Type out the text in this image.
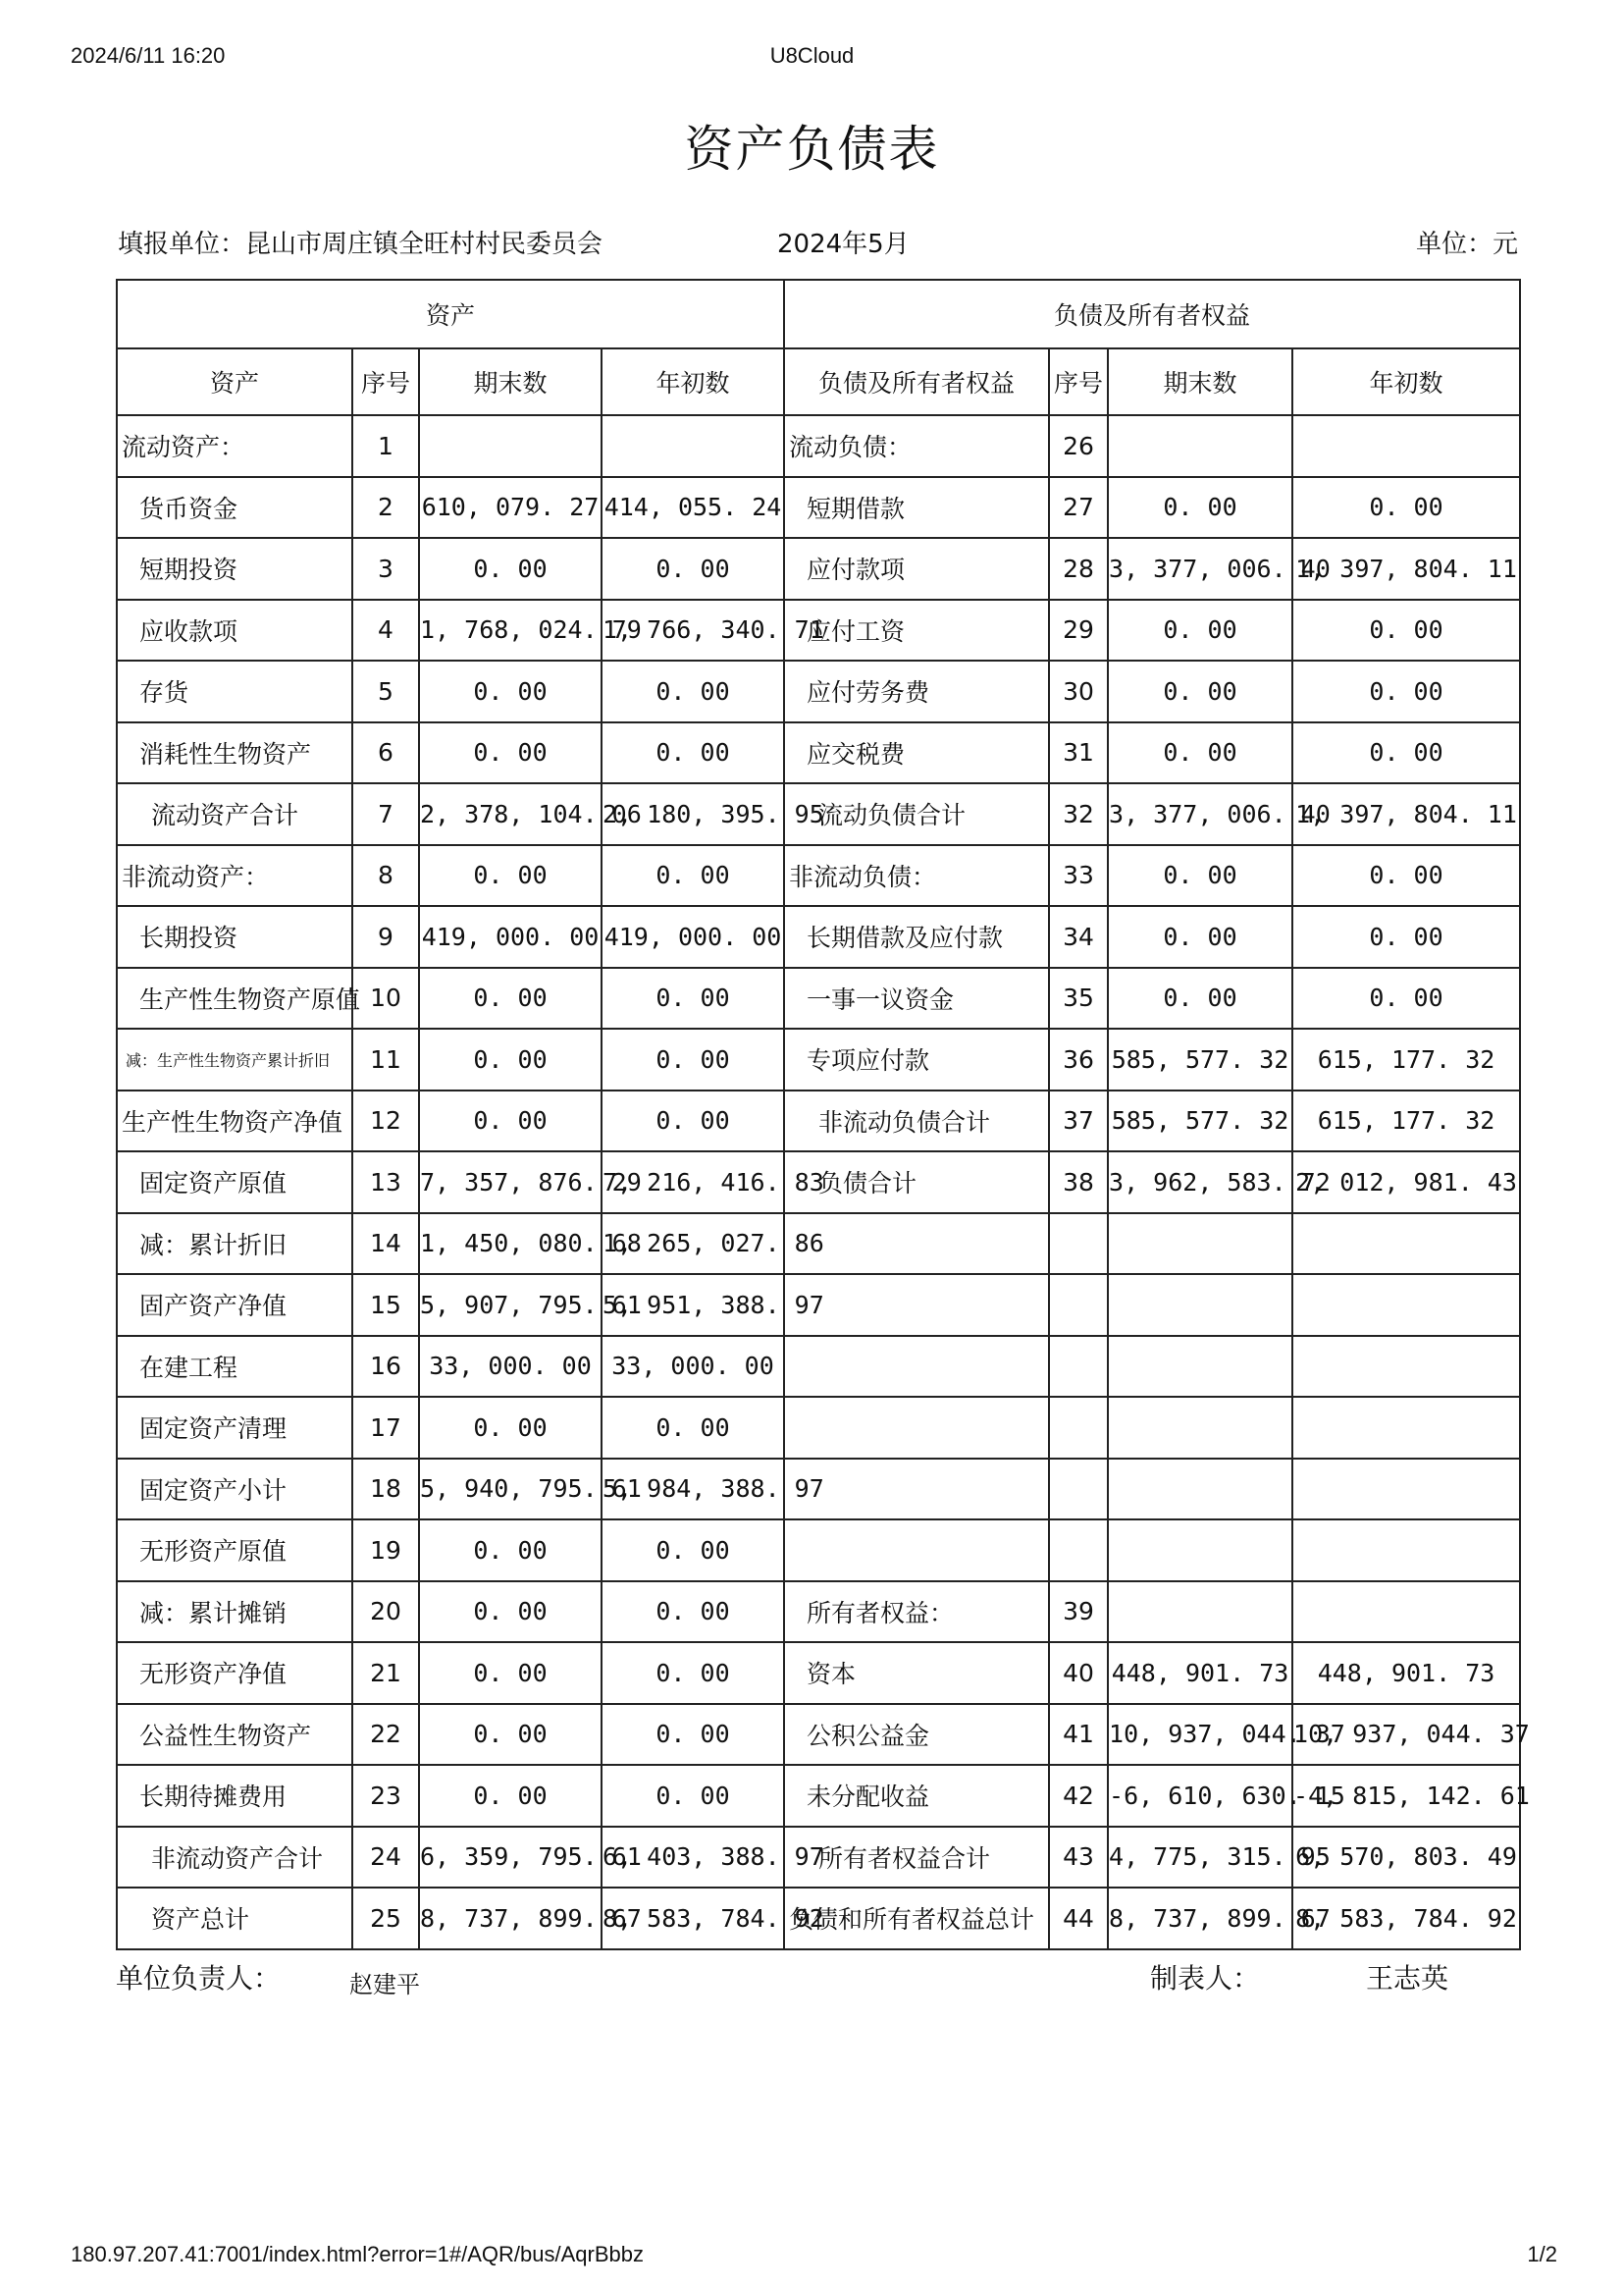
2024/6/11 16:20	U8Cloud
资产负债表
填报单位：昆山市周庄镇全旺村村民委员会	2024年5月	单位：元
资产				负债及所有者权益			
资产	序号	期末数	年初数	负债及所有者权益	序号	期末数	年初数
流动资产：	1			流动负债：	26		
货币资金	2	610, 079. 27	414, 055. 24	短期借款	27	0. 00	0. 00
短期投资	3	0. 00	0. 00	应付款项	28	3, 377, 006. 40	1, 397, 804. 11
应收款项	4	1, 768, 024. 79	1, 766, 340. 71	应付工资	29	0. 00	0. 00
存货	5	0. 00	0. 00	应付劳务费	30	0. 00	0. 00
消耗性生物资产	6	0. 00	0. 00	应交税费	31	0. 00	0. 00
流动资产合计	7	2, 378, 104. 06	2, 180, 395. 95	流动负债合计	32	3, 377, 006. 40	1, 397, 804. 11
非流动资产：	8	0. 00	0. 00	非流动负债：	33	0. 00	0. 00
长期投资	9	419, 000. 00	419, 000. 00	长期借款及应付款	34	0. 00	0. 00
生产性生物资产原值	10	0. 00	0. 00	一事一议资金	35	0. 00	0. 00
减：生产性生物资产累计折旧	11	0. 00	0. 00	专项应付款	36	585, 577. 32	615, 177. 32
生产性生物资产净值	12	0. 00	0. 00	非流动负债合计	37	585, 577. 32	615, 177. 32
固定资产原值	13	7, 357, 876. 29	7, 216, 416. 83	负债合计	38	3, 962, 583. 72	2, 012, 981. 43
减：累计折旧	14	1, 450, 080. 68	1, 265, 027. 86				
固产资产净值	15	5, 907, 795. 61	5, 951, 388. 97				
在建工程	16	33, 000. 00	33, 000. 00				
固定资产清理	17	0. 00	0. 00				
固定资产小计	18	5, 940, 795. 61	5, 984, 388. 97				
无形资产原值	19	0. 00	0. 00				
减：累计摊销	20	0. 00	0. 00	所有者权益：	39		
无形资产净值	21	0. 00	0. 00	资本	40	448, 901. 73	448, 901. 73
公益性生物资产	22	0. 00	0. 00	公积公益金	41	10, 937, 044. 37	10, 937, 044. 37
长期待摊费用	23	0. 00	0. 00	未分配收益	42	-6, 610, 630. 15	-4, 815, 142. 61
非流动资产合计	24	6, 359, 795. 61	6, 403, 388. 97	所有者权益合计	43	4, 775, 315. 95	6, 570, 803. 49
资产总计	25	8, 737, 899. 67	8, 583, 784. 92	负债和所有者权益总计	44	8, 737, 899. 67	8, 583, 784. 92
单位负责人：	赵建平	制表人：	王志英
180.97.207.41:7001/index.html?error=1#/AQR/bus/AqrBbbz	1/2
